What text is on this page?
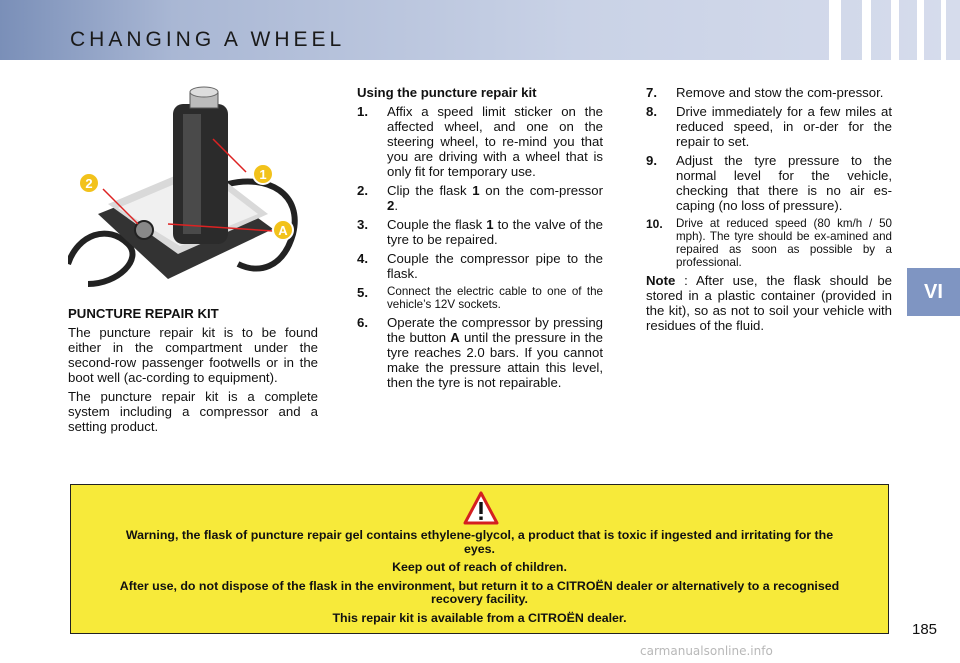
CHANGING A WHEEL
VI
1
2
A
PUNCTURE REPAIR KIT

The puncture repair kit is to be found either in the compartment under the second-row passenger footwells or in the boot well (ac-cording to equipment).

The puncture repair kit is a complete system including a compressor and a setting product.

Using the puncture repair kit
1.	Affix a speed limit sticker on the affected wheel, and one on the steering wheel, to re-mind you that you are driving with a wheel that is only fit for temporary use.
2.	Clip the flask 1 on the com-pressor 2.
3.	Couple the flask 1 to the valve of the tyre to be repaired.
4.	Couple the compressor pipe to the flask.
5.	Connect the electric cable to one of the vehicle’s 12V sockets.
6.	Operate the compressor by pressing the button A until the pressure in the tyre reaches 2.0 bars. If you cannot make the pressure attain this level, then the tyre is not repairable.
7.	Remove and stow the com-pressor.
8.	Drive immediately for a few miles at reduced speed, in or-der for the repair to set.
9.	Adjust the tyre pressure to the normal level for the vehicle, checking that there is no air es-caping (no loss of pressure).
10.	Drive at reduced speed (80 km/h / 50 mph). The tyre should be ex-amined and repaired as soon as possible by a professional.

Note : After use, the flask should be stored in a plastic container (provided in the kit), so as not to soil your vehicle with residues of the fluid.

Warning, the flask of puncture repair gel contains ethylene-glycol, a product that is toxic if ingested and irritating for the eyes.
Keep out of reach of children.
After use, do not dispose of the flask in the environment, but return it to a CITROËN dealer or alternatively to a recognised recovery facility.
This repair kit is available from a CITROËN dealer.
185
carmanualsonline.info
